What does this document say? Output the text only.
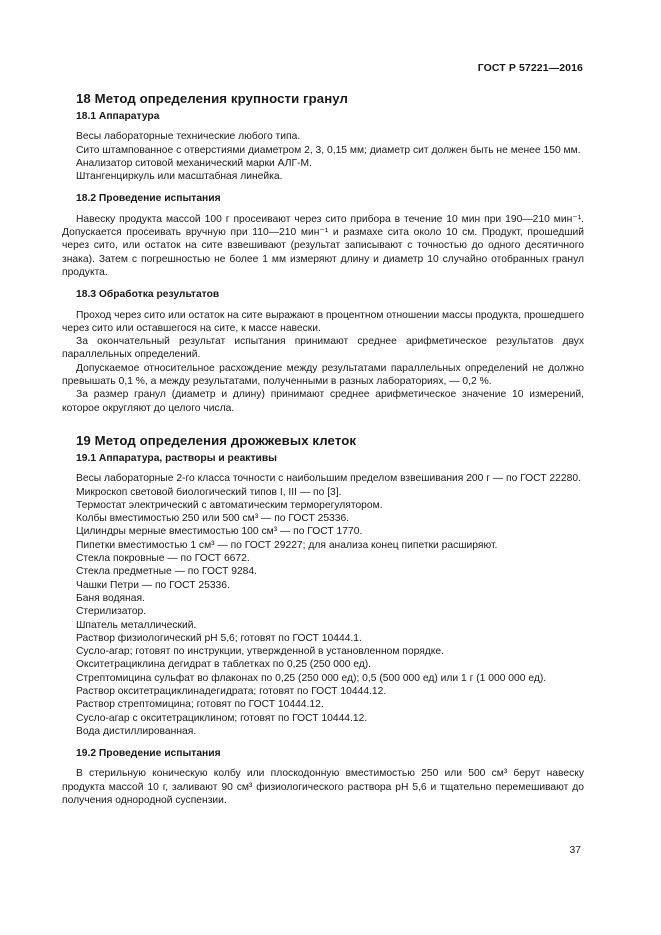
ГОСТ Р 57221—2016
18 Метод определения крупности гранул
18.1 Аппаратура

Весы лабораторные технические любого типа.

Сито штампованное с отверстиями диаметром 2, 3, 0,15 мм; диаметр сит должен быть не менее 150 мм.

Анализатор ситовой механический марки АЛГ-М.

Штангенциркуль или масштабная линейка.

18.2 Проведение испытания

Навеску продукта массой 100 г просеивают через сито прибора в течение 10 мин при 190—210 мин⁻¹. Допускается просеивать вручную при 110—210 мин⁻¹ и размахе сита около 10 см. Продукт, прошедший через сито, или остаток на сите взвешивают (результат записывают с точностью до одного десятичного знака). Затем с погрешностью не более 1 мм измеряют длину и диаметр 10 случайно отобранных гранул продукта.

18.3 Обработка результатов

Проход через сито или остаток на сите выражают в процентном отношении массы продукта, прошедшего через сито или оставшегося на сите, к массе навески.

За окончательный результат испытания принимают среднее арифметическое результатов двух параллельных определений.

Допускаемое относительное расхождение между результатами параллельных определений не должно превышать 0,1 %, а между результатами, полученными в разных лабораториях, — 0,2 %.

За размер гранул (диаметр и длину) принимают среднее арифметическое значение 10 измерений, которое округляют до целого числа.

19 Метод определения дрожжевых клеток
19.1 Аппаратура, растворы и реактивы

Весы лабораторные 2-го класса точности с наибольшим пределом взвешивания 200 г — по ГОСТ 22280.

Микроскоп световой биологический типов I, III — по [3].

Термостат электрический с автоматическим терморегулятором.

Колбы вместимостью 250 или 500 см³ — по ГОСТ 25336.

Цилиндры мерные вместимостью 100 см³ — по ГОСТ 1770.

Пипетки вместимостью 1 см³ — по ГОСТ 29227; для анализа конец пипетки расширяют.

Стекла покровные — по ГОСТ 6672.

Стекла предметные — по ГОСТ 9284.

Чашки Петри — по ГОСТ 25336.

Баня водяная.

Стерилизатор.

Шпатель металлический.

Раствор физиологический рН 5,6; готовят по ГОСТ 10444.1.

Сусло-агар; готовят по инструкции, утвержденной в установленном порядке.

Окситетрациклина дегидрат в таблетках по 0,25 (250 000 ед).

Стрептомицина сульфат во флаконах по 0,25 (250 000 ед); 0,5 (500 000 ед) или 1 г (1 000 000 ед).

Раствор окситетрациклинадегидрата; готовят по ГОСТ 10444.12.

Раствор стрептомицина; готовят по ГОСТ 10444.12.

Сусло-агар с окситетрациклином; готовят по ГОСТ 10444.12.

Вода дистиллированная.

19.2 Проведение испытания

В стерильную коническую колбу или плоскодонную вместимостью 250 или 500 см³ берут навеску продукта массой 10 г, заливают 90 см³ физиологического раствора рН 5,6 и тщательно перемешивают до получения однородной суспензии.

37
